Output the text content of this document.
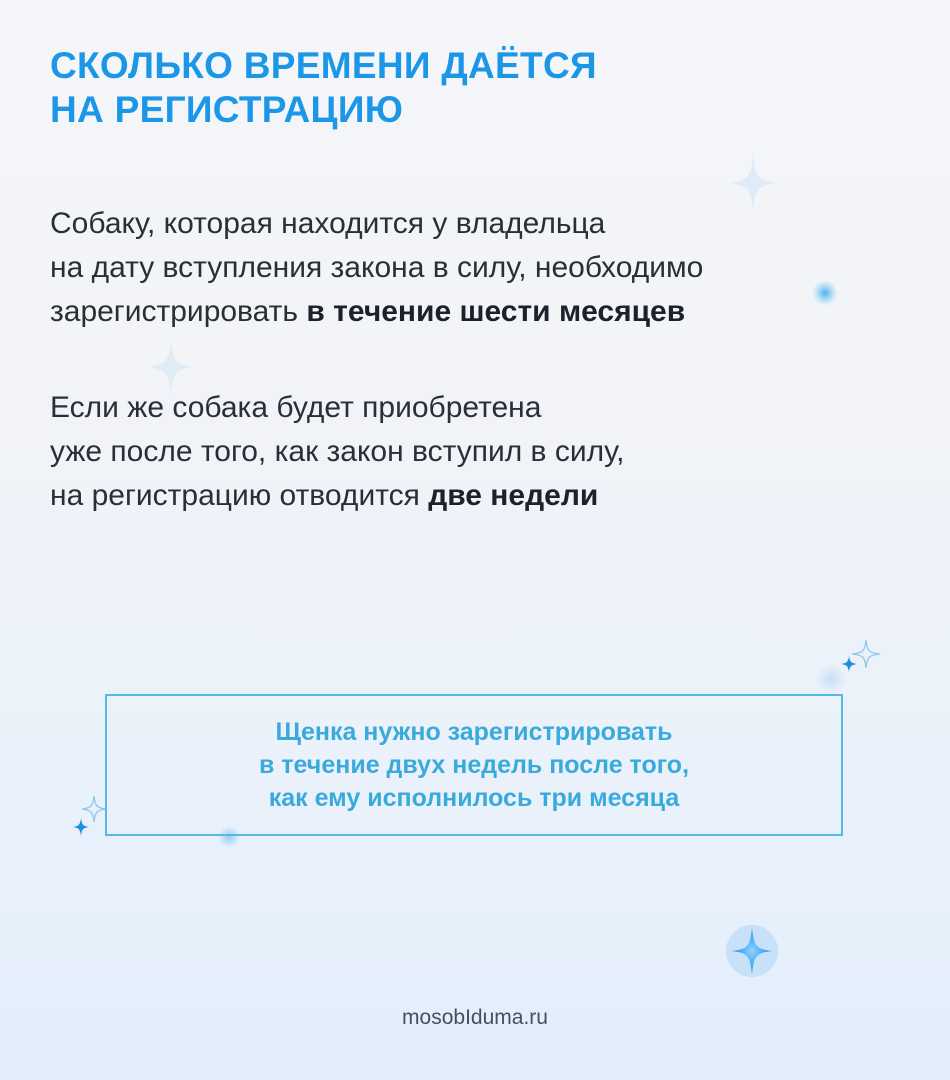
СКОЛЬКО ВРЕМЕНИ ДАЁТСЯ
НА РЕГИСТРАЦИЮ

Собаку, которая находится у владельца
на дату вступления закона в силу, необходимо
зарегистрировать в течение шести месяцев

Если же собака будет приобретена
уже после того, как закон вступил в силу,
на регистрацию отводится две недели

Щенка нужно зарегистрировать
в течение двух недель после того,
как ему исполнилось три месяца
mosobIduma.ru
